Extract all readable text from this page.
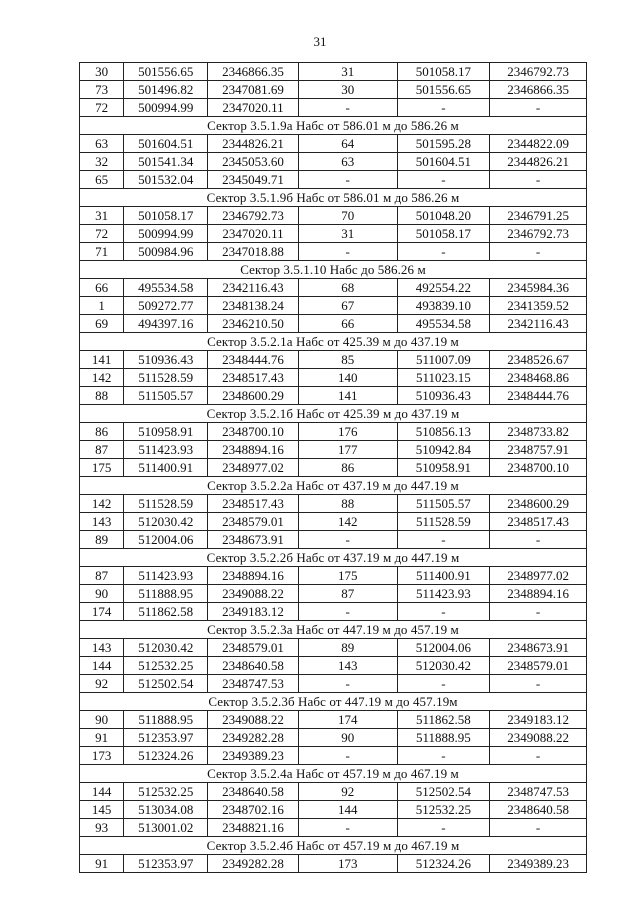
31
30	501556.65	2346866.35	31	501058.17	2346792.73
73	501496.82	2347081.69	30	501556.65	2346866.35
72	500994.99	2347020.11	-	-	-
Сектор 3.5.1.9а Набс от 586.01 м до 586.26 м					
63	501604.51	2344826.21	64	501595.28	2344822.09
32	501541.34	2345053.60	63	501604.51	2344826.21
65	501532.04	2345049.71	-	-	-
Сектор 3.5.1.9б Набс от 586.01 м до 586.26 м					
31	501058.17	2346792.73	70	501048.20	2346791.25
72	500994.99	2347020.11	31	501058.17	2346792.73
71	500984.96	2347018.88	-	-	-
Сектор 3.5.1.10 Набс до 586.26 м					
66	495534.58	2342116.43	68	492554.22	2345984.36
1	509272.77	2348138.24	67	493839.10	2341359.52
69	494397.16	2346210.50	66	495534.58	2342116.43
Сектор 3.5.2.1а Набс от 425.39 м до 437.19 м					
141	510936.43	2348444.76	85	511007.09	2348526.67
142	511528.59	2348517.43	140	511023.15	2348468.86
88	511505.57	2348600.29	141	510936.43	2348444.76
Сектор 3.5.2.1б Набс от 425.39 м до 437.19 м					
86	510958.91	2348700.10	176	510856.13	2348733.82
87	511423.93	2348894.16	177	510942.84	2348757.91
175	511400.91	2348977.02	86	510958.91	2348700.10
Сектор 3.5.2.2а Набс от 437.19 м до 447.19 м					
142	511528.59	2348517.43	88	511505.57	2348600.29
143	512030.42	2348579.01	142	511528.59	2348517.43
89	512004.06	2348673.91	-	-	-
Сектор 3.5.2.2б Набс от 437.19 м до 447.19 м					
87	511423.93	2348894.16	175	511400.91	2348977.02
90	511888.95	2349088.22	87	511423.93	2348894.16
174	511862.58	2349183.12	-	-	-
Сектор 3.5.2.3а Набс от 447.19 м до 457.19 м					
143	512030.42	2348579.01	89	512004.06	2348673.91
144	512532.25	2348640.58	143	512030.42	2348579.01
92	512502.54	2348747.53	-	-	-
Сектор 3.5.2.3б Набс от 447.19 м до 457.19м					
90	511888.95	2349088.22	174	511862.58	2349183.12
91	512353.97	2349282.28	90	511888.95	2349088.22
173	512324.26	2349389.23	-	-	-
Сектор 3.5.2.4а Набс от 457.19 м до 467.19 м					
144	512532.25	2348640.58	92	512502.54	2348747.53
145	513034.08	2348702.16	144	512532.25	2348640.58
93	513001.02	2348821.16	-	-	-
Сектор 3.5.2.4б Набс от 457.19 м до 467.19 м					
91	512353.97	2349282.28	173	512324.26	2349389.23
